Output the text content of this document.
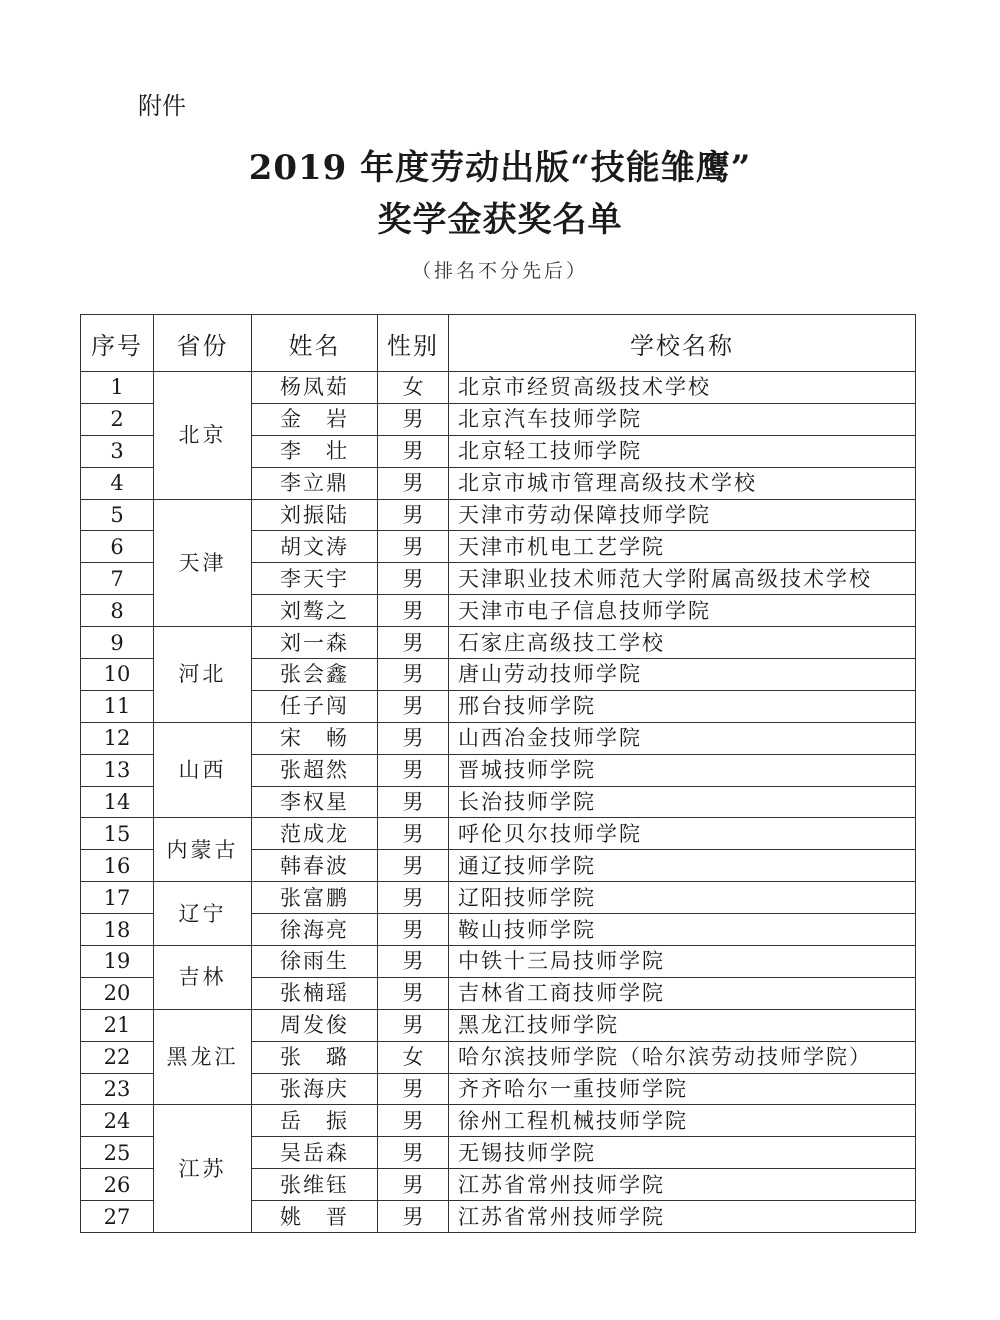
附件
2019 年度劳动出版“技能雏鹰”
奖学金获奖名单
（排名不分先后）
序号	省份	姓名	性别	学校名称
1	北京	杨凤茹	女	北京市经贸高级技术学校
2		金　岩	男	北京汽车技师学院
3		李　壮	男	北京轻工技师学院
4		李立鼎	男	北京市城市管理高级技术学校
5	天津	刘振陆	男	天津市劳动保障技师学院
6		胡文涛	男	天津市机电工艺学院
7		李天宇	男	天津职业技术师范大学附属高级技术学校
8		刘骜之	男	天津市电子信息技师学院
9	河北	刘一森	男	石家庄高级技工学校
10		张会鑫	男	唐山劳动技师学院
11		任子闯	男	邢台技师学院
12	山西	宋　畅	男	山西冶金技师学院
13		张超然	男	晋城技师学院
14		李权星	男	长治技师学院
15	内蒙古	范成龙	男	呼伦贝尔技师学院
16		韩春波	男	通辽技师学院
17	辽宁	张富鹏	男	辽阳技师学院
18		徐海亮	男	鞍山技师学院
19	吉林	徐雨生	男	中铁十三局技师学院
20		张楠瑶	男	吉林省工商技师学院
21	黑龙江	周发俊	男	黑龙江技师学院
22		张　璐	女	哈尔滨技师学院（哈尔滨劳动技师学院）
23		张海庆	男	齐齐哈尔一重技师学院
24	江苏	岳　振	男	徐州工程机械技师学院
25		吴岳森	男	无锡技师学院
26		张维钰	男	江苏省常州技师学院
27		姚　晋	男	江苏省常州技师学院
